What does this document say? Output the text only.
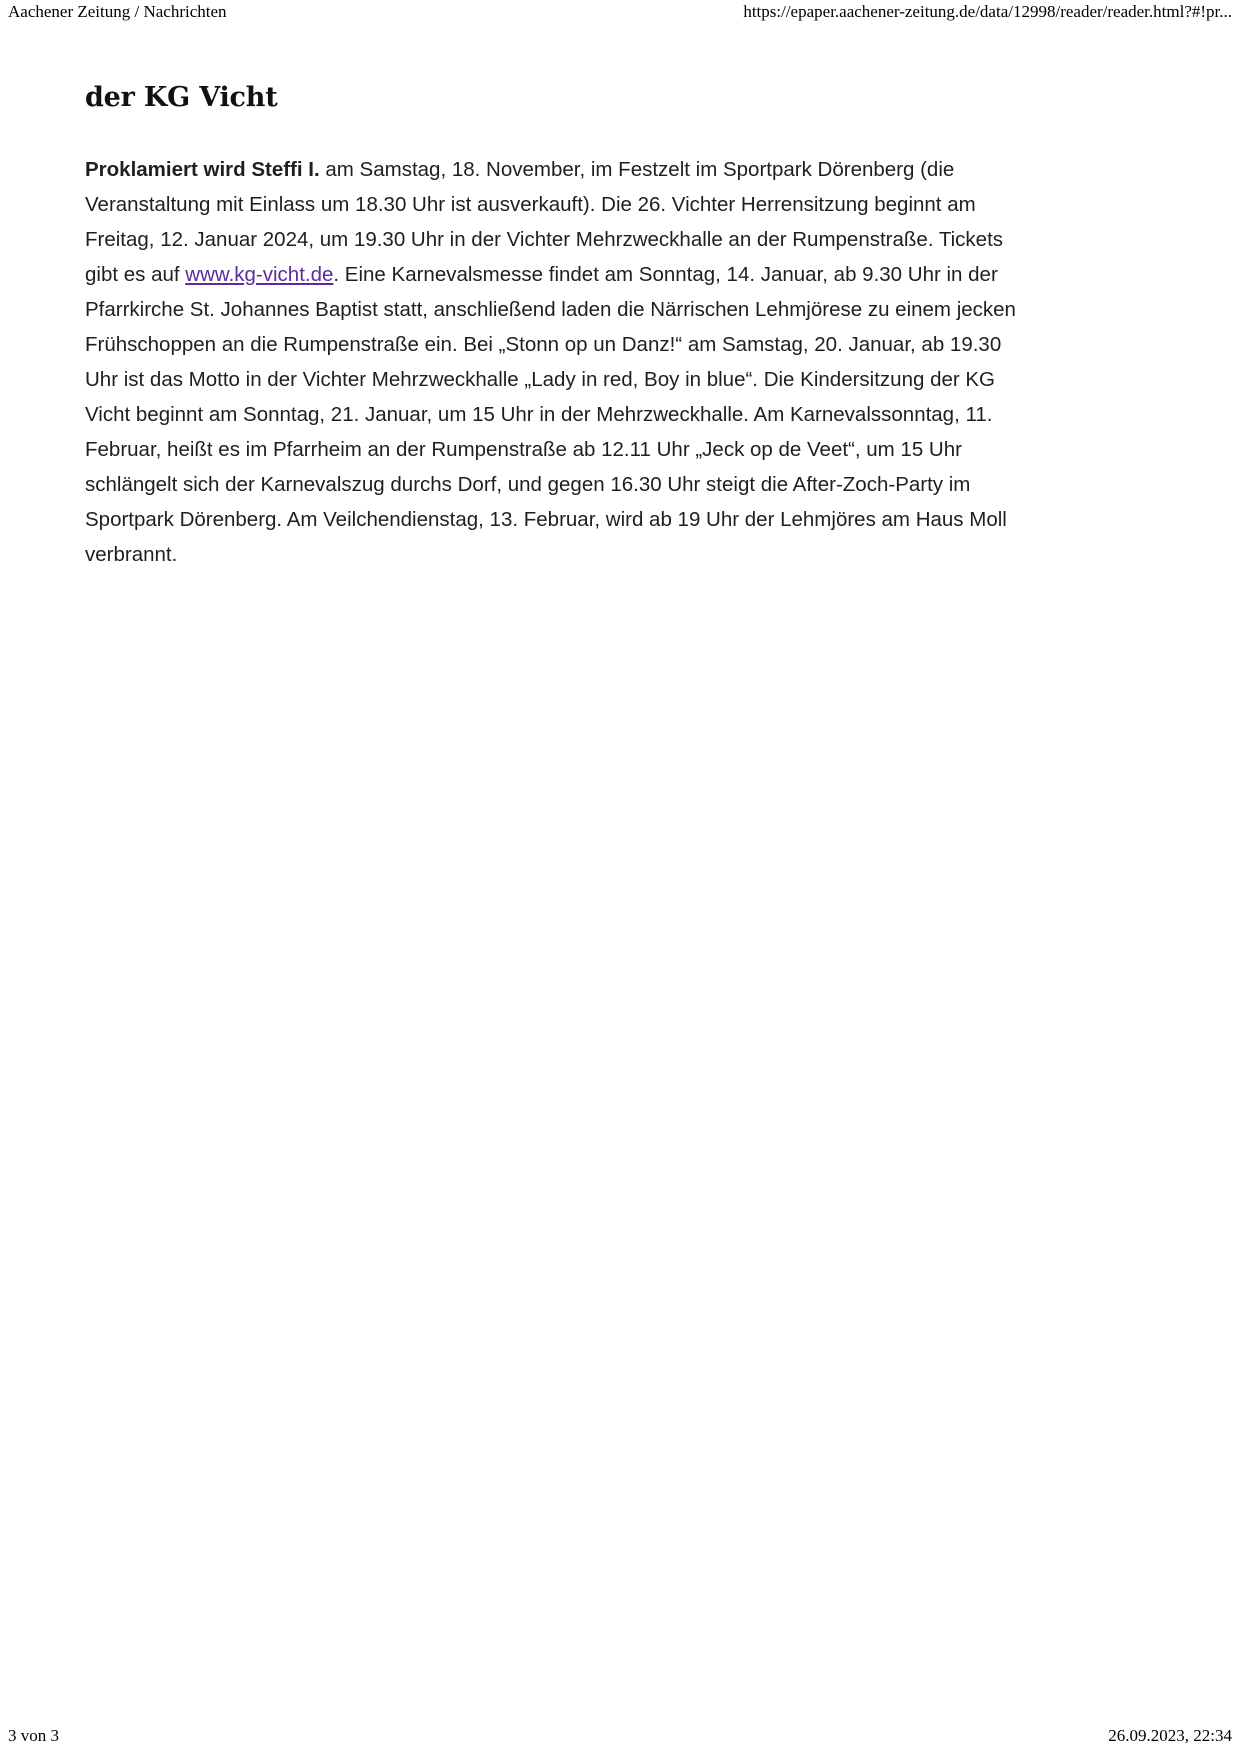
Aachener Zeitung / Nachrichten	https://epaper.aachener-zeitung.de/data/12998/reader/reader.html?#!pr...
der KG Vicht

Proklamiert wird Steffi I. am Samstag, 18. November, im Festzelt im Sportpark Dörenberg (die Veranstaltung mit Einlass um 18.30 Uhr ist ausverkauft). Die 26. Vichter Herrensitzung beginnt am Freitag, 12. Januar 2024, um 19.30 Uhr in der Vichter Mehrzweckhalle an der Rumpenstraße. Tickets gibt es auf www.kg-vicht.de. Eine Karnevalsmesse findet am Sonntag, 14. Januar, ab 9.30 Uhr in der Pfarrkirche St. Johannes Baptist statt, anschließend laden die Närrischen Lehmjörese zu einem jecken Frühschoppen an die Rumpenstraße ein. Bei „Stonn op un Danz!“ am Samstag, 20. Januar, ab 19.30 Uhr ist das Motto in der Vichter Mehrzweckhalle „Lady in red, Boy in blue“. Die Kindersitzung der KG Vicht beginnt am Sonntag, 21. Januar, um 15 Uhr in der Mehrzweckhalle. Am Karnevalssonntag, 11. Februar, heißt es im Pfarrheim an der Rumpenstraße ab 12.11 Uhr „Jeck op de Veet“, um 15 Uhr schlängelt sich der Karnevalszug durchs Dorf, und gegen 16.30 Uhr steigt die After-Zoch-Party im Sportpark Dörenberg. Am Veilchendienstag, 13. Februar, wird ab 19 Uhr der Lehmjöres am Haus Moll verbrannt.

3 von 3	26.09.2023, 22:34
